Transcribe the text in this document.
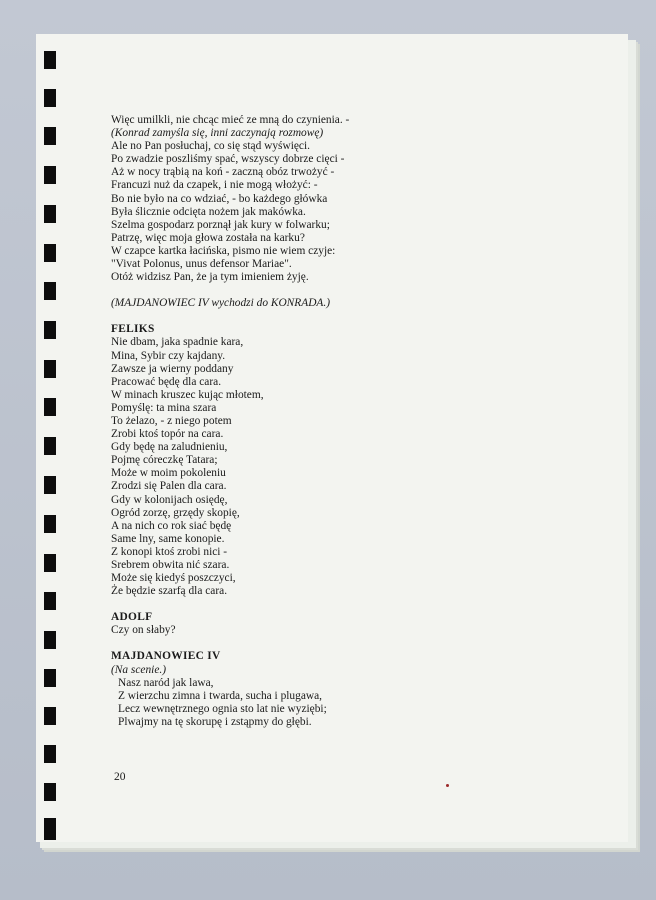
Więc umilkli, nie chcąc mieć ze mną do czynienia. -
(Konrad zamyśla się, inni zaczynają rozmowę)
Ale no Pan posłuchaj, co się stąd wyświęci.
Po zwadzie poszliśmy spać, wszyscy dobrze cięci -
Aż w nocy trąbią na koń - zaczną obóz trwożyć -
Francuzi nuż da czapek, i nie mogą włożyć: -
Bo nie było na co wdziać, - bo każdego główka
Była ślicznie odcięta nożem jak makówka.
Szelma gospodarz porznął jak kury w folwarku;
Patrzę, więc moja głowa została na karku?
W czapce kartka łacińska, pismo nie wiem czyje:
"Vivat Polonus, unus defensor Mariae".
Otóż widzisz Pan, że ja tym imieniem żyję.
(MAJDANOWIEC IV wychodzi do KONRADA.)
FELIKS
Nie dbam, jaka spadnie kara,
Mina, Sybir czy kajdany.
Zawsze ja wierny poddany
Pracować będę dla cara.
W minach kruszec kując młotem,
Pomyślę: ta mina szara
To żelazo, - z niego potem
Zrobi ktoś topór na cara.
Gdy będę na zaludnieniu,
Pojmę córeczkę Tatara;
Może w moim pokoleniu
Zrodzi się Palen dla cara.
Gdy w kolonijach osiędę,
Ogród zorzę, grzędy skopię,
A na nich co rok siać będę
Same lny, same konopie.
Z konopi ktoś zrobi nici -
Srebrem obwita nić szara.
Może się kiedyś poszczyci,
Że będzie szarfą dla cara.
ADOLF
Czy on słaby?
MAJDANOWIEC IV
(Na scenie.)
Nasz naród jak lawa,
Z wierzchu zimna i twarda, sucha i plugawa,
Lecz wewnętrznego ognia sto lat nie wyziębi;
Plwajmy na tę skorupę i zstąpmy do głębi.
20
